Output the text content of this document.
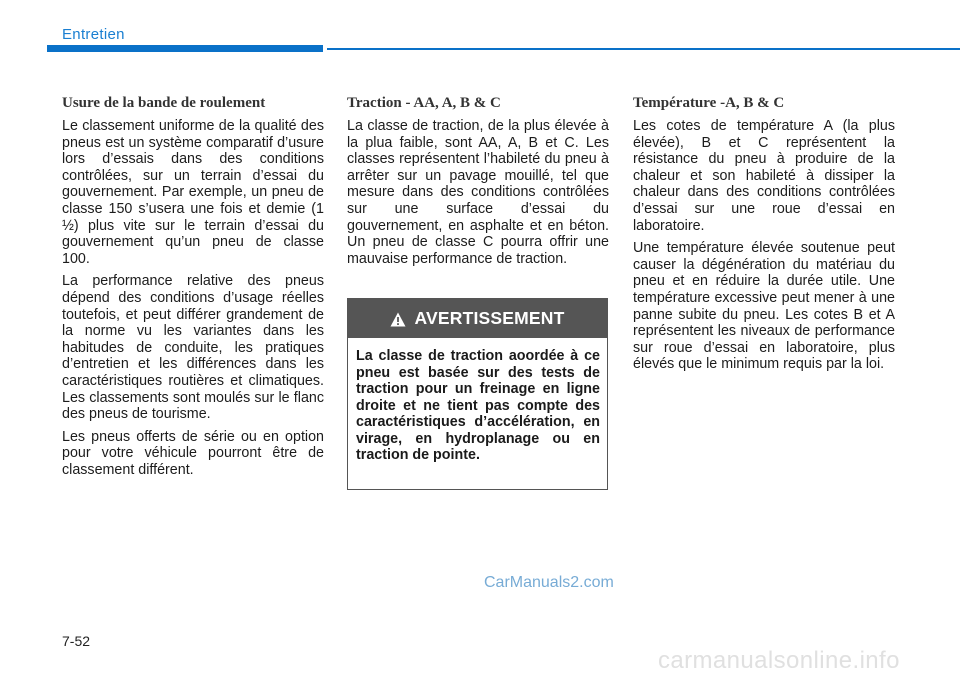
Entretien
Usure de la bande de roulement

Le classement uniforme de la qualité des pneus est un système comparatif d’usure lors d’essais dans des conditions contrôlées, sur un terrain d’essai du gouvernement. Par exemple, un pneu de classe 150 s’usera une fois et demie (1 ½) plus vite sur le terrain d’essai du gouvernement qu’un pneu de classe 100.

La performance relative des pneus dépend des conditions d’usage réelles toutefois, et peut différer grandement de la norme vu les variantes dans les habitudes de conduite, les pratiques d’entretien et les différences dans les caractéristiques routières et climatiques. Les classements sont moulés sur le flanc des pneus de tourisme.

Les pneus offerts de série ou en option pour votre véhicule pourront être de classement différent.

Traction - AA, A, B & C

La classe de traction, de la plus élevée à la plua faible, sont AA, A, B et C. Les classes représentent l’habileté du pneu à arrêter sur un pavage mouillé, tel que mesure dans des conditions contrôlées sur une surface d’essai du gouvernement, en asphalte et en béton. Un pneu de classe C pourra offrir une mauvaise performance de traction.

AVERTISSEMENT
La classe de traction aoordée à ce pneu est basée sur des tests de traction pour un freinage en ligne droite et ne tient pas compte des caractéristiques d’accélération, en virage, en hydroplanage ou en traction de pointe.
Température -A, B & C

Les cotes de température A (la plus élevée), B et C représentent la résistance du pneu à produire de la chaleur et son habileté à dissiper la chaleur dans des conditions contrôlées d’essai sur une roue d’essai en laboratoire.

Une température élevée soutenue peut causer la dégénération du matériau du pneu et en réduire la durée utile. Une température excessive peut mener à une panne subite du pneu. Les cotes B et A représentent les niveaux de performance sur roue d’essai en laboratoire, plus élevés que le minimum requis par la loi.

CarManuals2.com
7-52
carmanualsonline.info
